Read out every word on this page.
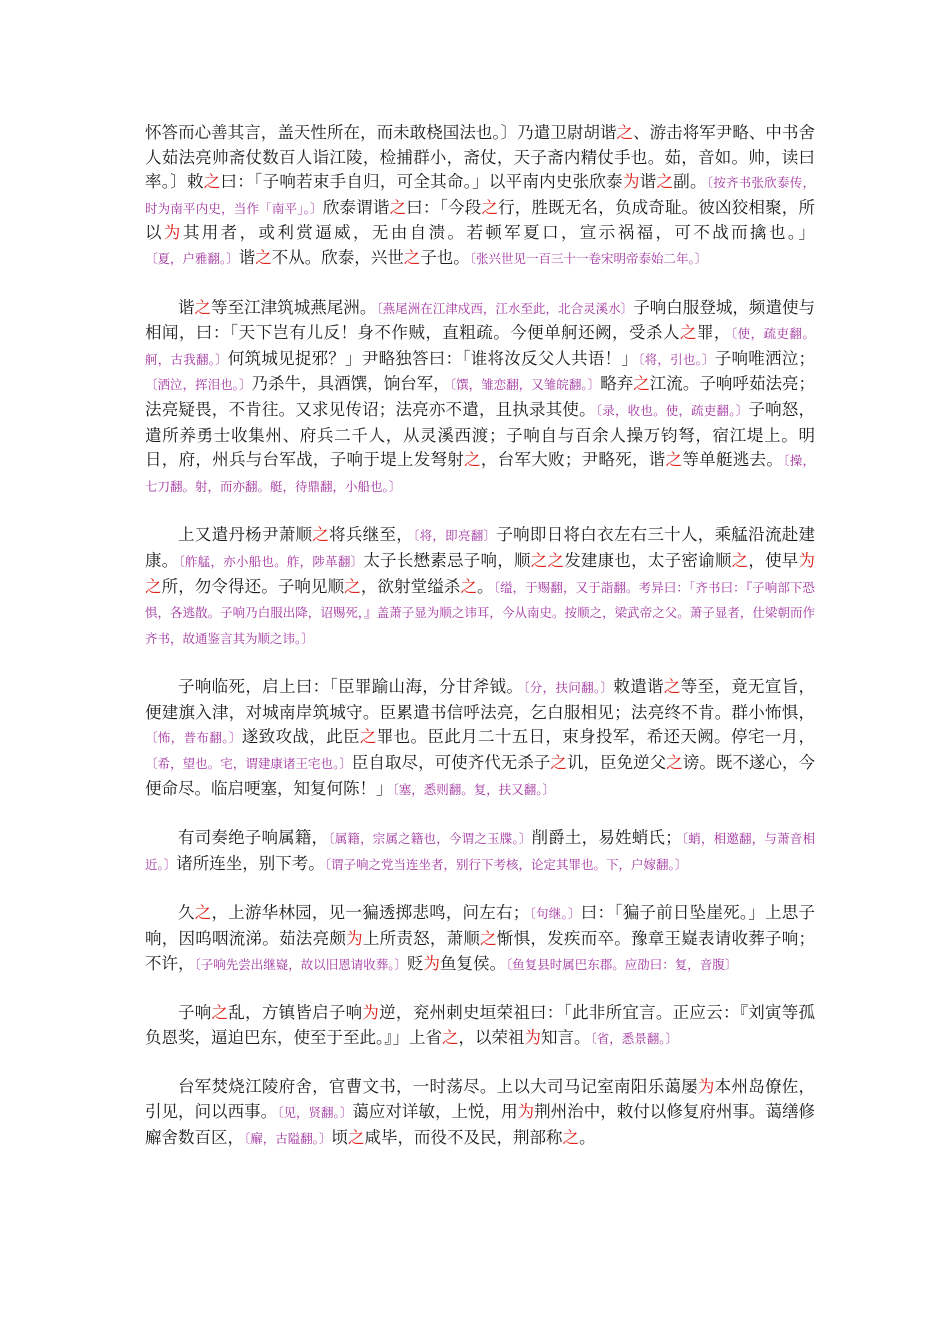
怀答而心善其言，盖天性所在，而未敢桡国法也。〕乃遣卫尉胡谐之、游击将军尹略、中书舍人茹法亮帅斋仗数百人诣江陵，检捕群小，斋仗，天子斋内精仗手也。茹，音如。帅，读曰率。〕敕之曰：「子响若束手自归，可全其命。」以平南内史张欣泰为谐之副。〔按齐书张欣泰传，时为南平内史，当作「南平」。〕欣泰谓谐之曰：「今段之行，胜既无名，负成奇耻。彼凶狡相聚，所以为其用者，或利赏逼威，无由自溃。若顿军夏口，宣示祸福，可不战而擒也。」〔夏，户雅翻。〕谐之不从。欣泰，兴世之子也。〔张兴世见一百三十一卷宋明帝泰始二年。〕

谐之等至江津筑城燕尾洲。〔燕尾洲在江津戍西，江水至此，北合灵溪水〕子响白服登城，频遣使与相闻，曰：「天下岂有儿反！身不作贼，直粗疏。今便单舸还阙，受杀人之罪，〔使，疏吏翻。舸，古我翻。〕何筑城见捉邪？」尹略独答曰：「谁将汝反父人共语！」〔将，引也。〕子响唯洒泣；〔洒泣，挥泪也。〕乃杀牛，具酒馔，饷台军，〔馔，雏恋翻，又雏皖翻。〕略弃之江流。子响呼茹法亮；法亮疑畏，不肯往。又求见传诏；法亮亦不遣，且执录其使。〔录，收也。使，疏吏翻。〕子响怒，遣所养勇士收集州、府兵二千人，从灵溪西渡；子响自与百余人操万钧弩，宿江堤上。明日，府，州兵与台军战，子响于堤上发弩射之，台军大败；尹略死，谐之等单艇逃去。〔操，七刀翻。射，而亦翻。艇，待鼎翻，小船也。〕

上又遣丹杨尹萧顺之将兵继至，〔将，即亮翻〕子响即日将白衣左右三十人，乘艋沿流赴建康。〔舴艋，亦小船也。舴，陟革翻〕太子长懋素忌子响，顺之之发建康也，太子密谕顺之，使早为之所，勿令得还。子响见顺之，欲射堂缢杀之。〔缢，于赐翻，又于詣翻。考异曰：「齐书曰：『子响部下恐惧，各逃散。子响乃白服出降，诏赐死，』盖萧子显为顺之讳耳，今从南史。按顺之，梁武帝之父。萧子显者，仕梁朝而作齐书，故通鉴言其为顺之讳。〕

子响临死，启上曰：「臣罪踰山海，分甘斧钺。〔分，扶问翻。〕敕遣谐之等至，竟无宣旨，便建旗入津，对城南岸筑城守。臣累遣书信呼法亮，乞白服相见；法亮终不肯。群小怖惧，〔怖，普布翻。〕遂致攻战，此臣之罪也。臣此月二十五日，束身投军，希还天阙。停宅一月，〔希，望也。宅，谓建康诸王宅也。〕臣自取尽，可使齐代无杀子之讥，臣免逆父之谤。既不遂心，今便命尽。临启哽塞，知复何陈！」〔塞，悉则翻。复，扶又翻。〕

有司奏绝子响属籍，〔属籍，宗属之籍也，今谓之玉牒。〕削爵土，易姓蛸氏；〔蛸，相邀翻，与萧音相近。〕诸所连坐，别下考。〔谓子响之党当连坐者，别行下考核，论定其罪也。下，户嫁翻。〕

久之，上游华林园，见一猵透掷悲鸣，问左右；〔句继。〕曰：「猵子前日坠崖死。」上思子响，因呜咽流涕。茹法亮颇为上所责怒，萧顺之惭惧，发疾而卒。豫章王嶷表请收葬子响；不许，〔子响先尝出继嶷，故以旧恩请收葬。〕贬为鱼复侯。〔鱼复县时属巴东郡。应劭曰：复，音腹〕

子响之乱，方镇皆启子响为逆，兖州刺史垣荣祖曰：「此非所宜言。正应云：『刘寅等孤负恩奖，逼迫巴东，使至于至此。』」上省之，以荣祖为知言。〔省，悉景翻。〕

台军焚烧江陵府舍，官曹文书，一时荡尽。上以大司马记室南阳乐蔼屡为本州岛僚佐，引见，问以西事。〔见，贤翻。〕蔼应对详敏，上悦，用为荆州治中，敕付以修复府州事。蔼缮修廨舍数百区，〔廨，古隘翻。〕顷之咸毕，而役不及民，荆部称之。
